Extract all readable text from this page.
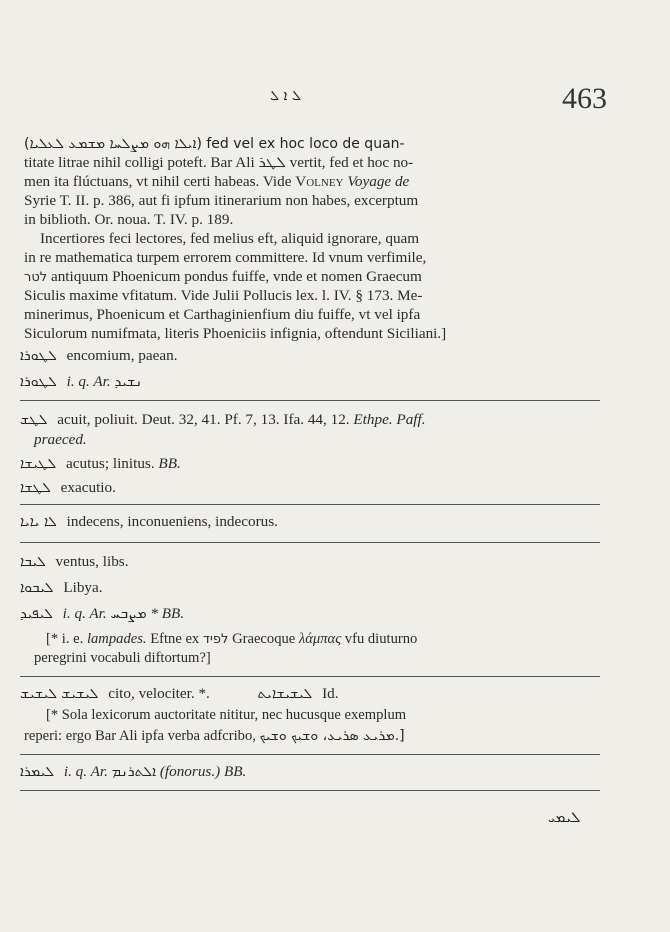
ܠ ܐ ܠ	463
(ܐܝܠܐ ܗܘ ܡܨܠܚܐ ܡܫܡܥ ܠܥܠܝܐ) fed vel ex hoc loco de quan-
titate litrae nihil colligi poteft. Bar Ali ܠܛܪ vertit, fed et hoc no-
men ita flúctuans, vt nihil certi habeas. Vide Volney Voyage de
Syrie T. II. p. 386, aut fi ipfum itinerarium non habes, excerptum
in biblioth. Or. noua. T. IV. p. 189.
Incertiores feci lectores, fed melius eft, aliquid ignorare, quam
in re mathematica turpem errorem committere. Id vnum verfimile,
לטר antiquum Phoenicum pondus fuiffe, vnde et nomen Graecum
Siculis maxime vfitatum. Vide Julii Pollucis lex. l. IV. § 173. Me-
minerimus, Phoenicum et Carthaginienfium diu fuiffe, vt vel ipfa
Siculorum numifmata, literis Phoeniciis infignia, oftendunt Siciliani.]
ܠܛܘܪܐ encomium, paean.
ܠܛܘܪܐ i. q. Ar. ܢܫܝܕ
ܠܛܫ acuit, poliuit. Deut. 32, 41. Pf. 7, 13. Ifa. 44, 12. Ethpe. Paff.
praeced.
ܠܛܝܫܐ acutus; linitus. BB.
ܠܛܫܐ exacutio.
ܠܐ ܝܐܝܐ indecens, inconueniens, indecorus.
ܠܝܒܐ ventus, libs.
ܠܝܒܘܐ Libya.
ܠܝܦܝܕ i. q. Ar. ܡܨܒܚ * BB.
[* i. e. lampades. Eftne ex לפיד Graecoque λάμπας vfu diuturno
peregrini vocabuli diftortum?]
ܠܝܫܝܫ ܠܝܫܝܫ cito, velociter. *.	ܠܝܫܝܫܐܝܬ Id.
[* Sola lexicorum auctoritate nititur, nec hucusque exemplum
reperi: ergo Bar Ali ipfa verba adfcribo, ܡܪܝܥ ܣܪܝܥ، ܘܫܝܟ ܘܫܝܟ.]
ܠܝܡܪܐ i. q. Ar. ܐܠܬܪܢܡ (fonorus.) BB.
ܠܝܡܝ
